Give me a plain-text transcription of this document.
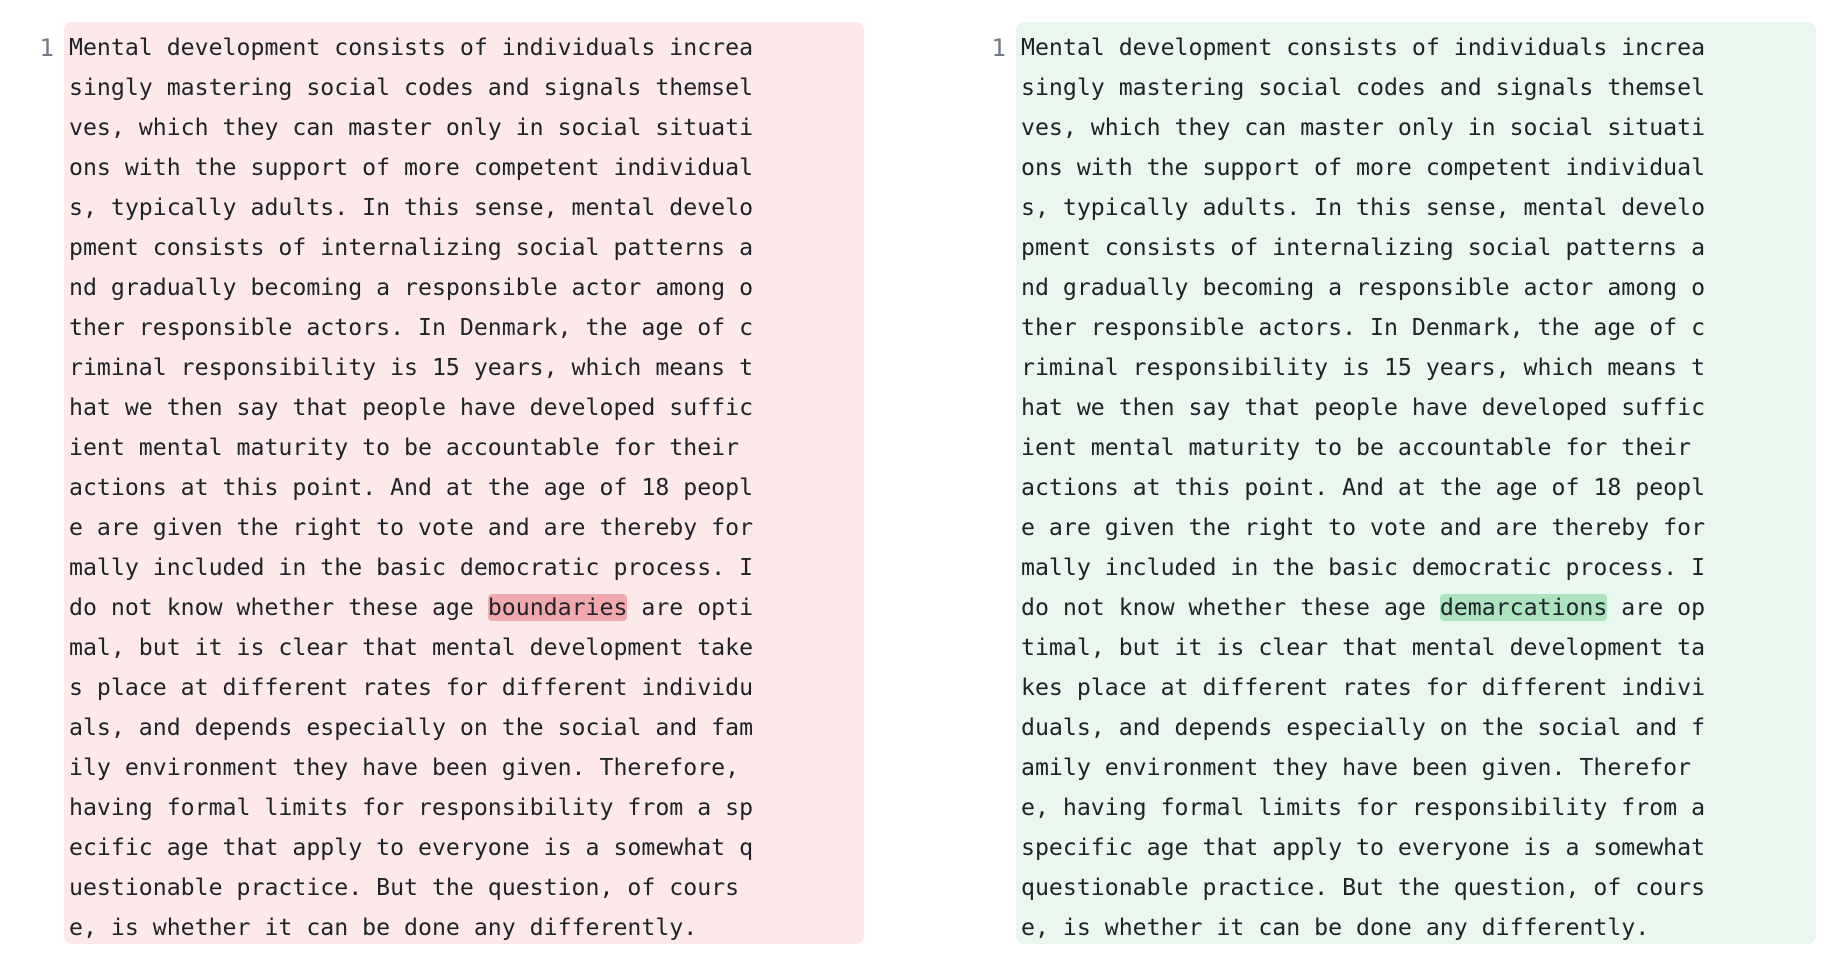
1 Mental development consists of individuals increa
singly mastering social codes and signals themsel
ves, which they can master only in social situati
ons with the support of more competent individual
s, typically adults. In this sense, mental develo
pment consists of internalizing social patterns a
nd gradually becoming a responsible actor among o
ther responsible actors. In Denmark, the age of c
riminal responsibility is 15 years, which means t
hat we then say that people have developed suffic
ient mental maturity to be accountable for their
actions at this point. And at the age of 18 peopl
e are given the right to vote and are thereby for
mally included in the basic democratic process. I
do not know whether these age boundaries are opti
mal, but it is clear that mental development take
s place at different rates for different individu
als, and depends especially on the social and fam
ily environment they have been given. Therefore,
having formal limits for responsibility from a sp
ecific age that apply to everyone is a somewhat q
uestionable practice. But the question, of cours
e, is whether it can be done any differently.
1 Mental development consists of individuals increa
singly mastering social codes and signals themsel
ves, which they can master only in social situati
ons with the support of more competent individual
s, typically adults. In this sense, mental develo
pment consists of internalizing social patterns a
nd gradually becoming a responsible actor among o
ther responsible actors. In Denmark, the age of c
riminal responsibility is 15 years, which means t
hat we then say that people have developed suffic
ient mental maturity to be accountable for their
actions at this point. And at the age of 18 peopl
e are given the right to vote and are thereby for
mally included in the basic democratic process. I
do not know whether these age demarcations are op
timal, but it is clear that mental development ta
kes place at different rates for different indivi
duals, and depends especially on the social and f
amily environment they have been given. Therefor
e, having formal limits for responsibility from a
specific age that apply to everyone is a somewhat
questionable practice. But the question, of cours
e, is whether it can be done any differently.
